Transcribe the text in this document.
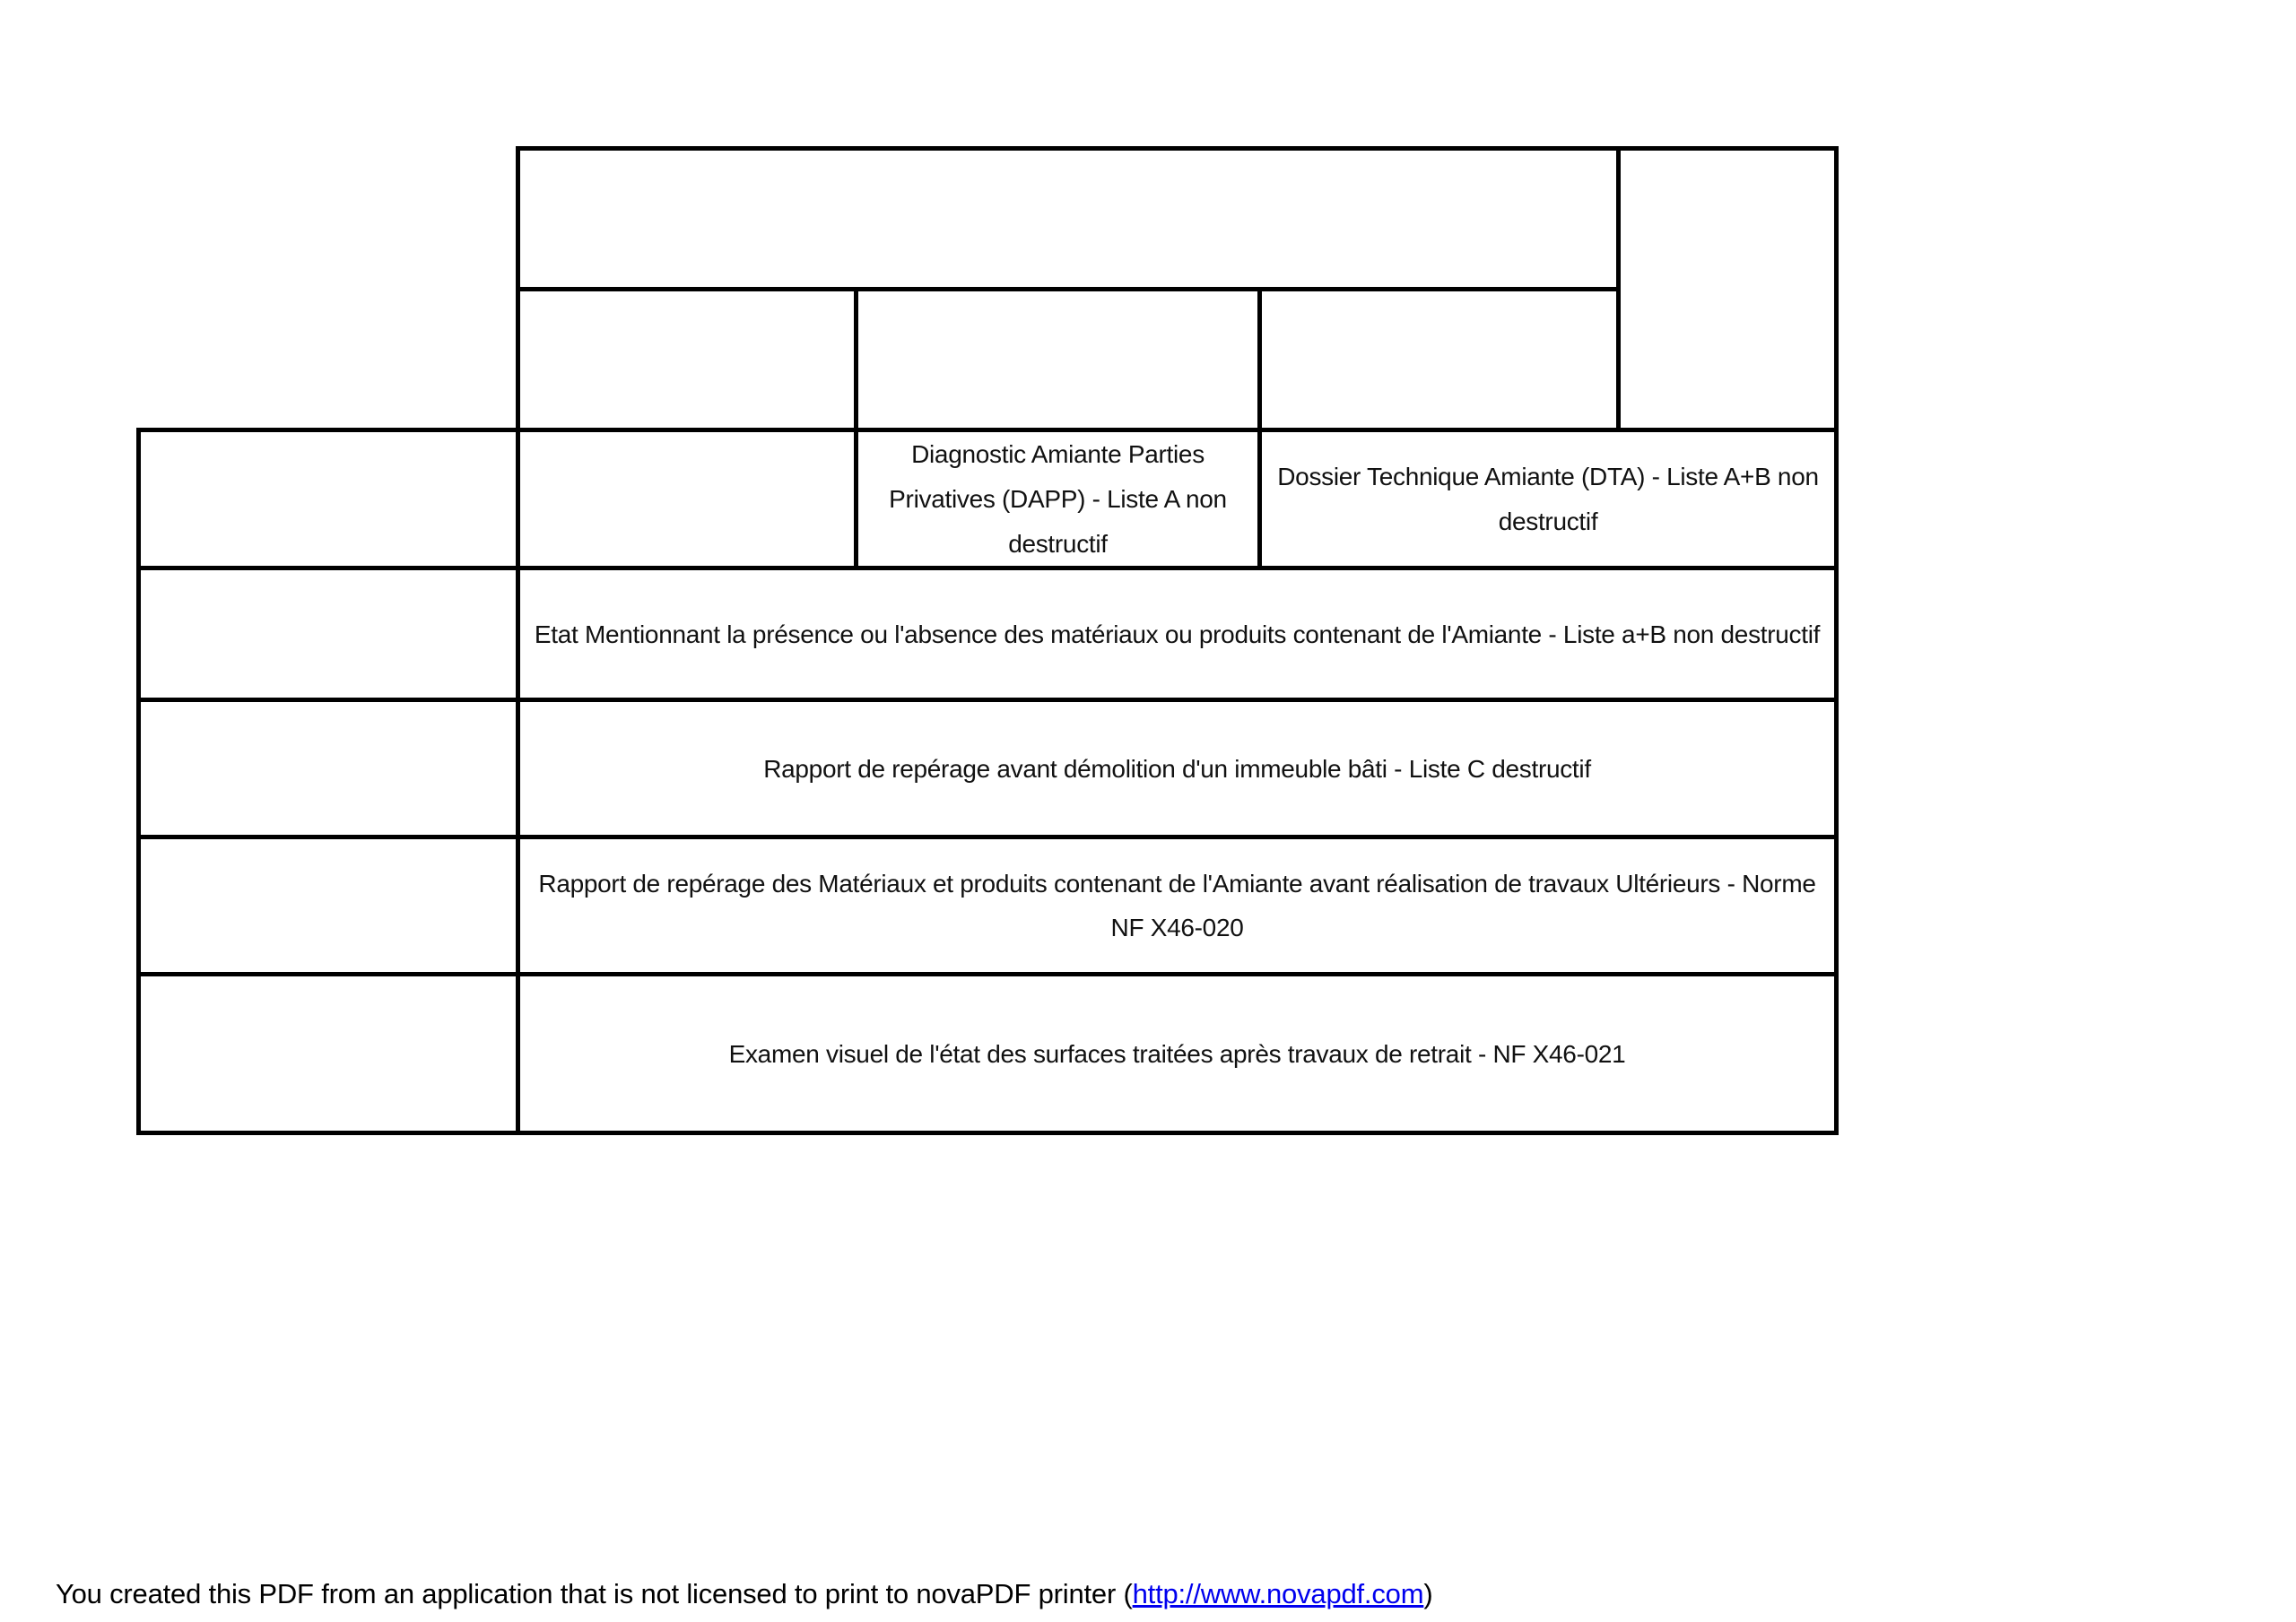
	Immeubles d'Habitation			Autres Immeubles
	Habitation comportant un seul logement	parties privatives des immeubles collectifs d'habitation	parties communes des immeubles collectifs d'habitation	
Obligations de base du propriétaire		Diagnostic Amiante Parties Privatives (DAPP) - Liste A non destructif	Dossier Technique Amiante (DTA) - Liste A+B non destructif	
Avant Vente	Etat Mentionnant la présence ou l'absence des matériaux ou produits contenant de l'Amiante - Liste a+B non destructif			
Avant Démolition (art R.1334-19) code de santé publique	Rapport de repérage avant démolition d'un immeuble bâti - Liste C destructif			
Avant Travaux (R.441-97) Code du Travail	Rapport de repérage des Matériaux et produits contenant de l'Amiante avant réalisation de travaux Ultérieurs - Norme NF X46-020			
Examen Visuel après Travaux (art R.1334-29-3) Code de Santé Publique	Examen visuel de l'état des surfaces traitées après travaux de retrait - NF X46-021			
You created this PDF from an application that is not licensed to print to novaPDF printer (http://www.novapdf.com)
